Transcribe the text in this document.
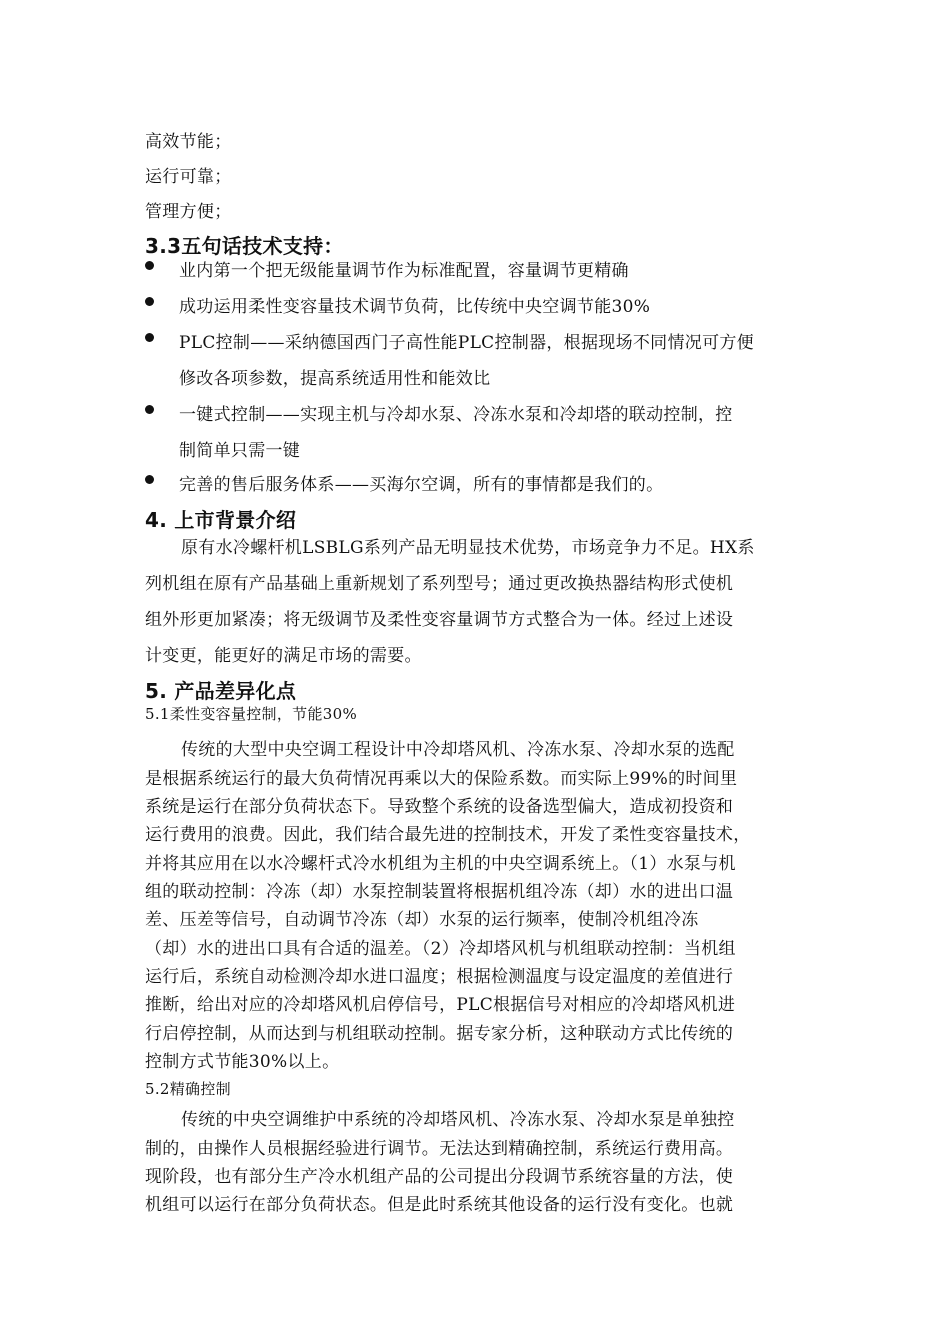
高效节能；
运行可靠；
管理方便；
3.3五句话技术支持：
业内第一个把无级能量调节作为标准配置，容量调节更精确
成功运用柔性变容量技术调节负荷，比传统中央空调节能30%
PLC控制——采纳德国西门子高性能PLC控制器，根据现场不同情况可方便
修改各项参数，提高系统适用性和能效比
一键式控制——实现主机与冷却水泵、冷冻水泵和冷却塔的联动控制，控
制简单只需一键
完善的售后服务体系——买海尔空调，所有的事情都是我们的。
4. 上市背景介绍
原有水冷螺杆机LSBLG系列产品无明显技术优势，市场竞争力不足。HX系
列机组在原有产品基础上重新规划了系列型号；通过更改换热器结构形式使机
组外形更加紧凑；将无级调节及柔性变容量调节方式整合为一体。经过上述设
计变更，能更好的满足市场的需要。
5. 产品差异化点
5.1柔性变容量控制，节能30%
传统的大型中央空调工程设计中冷却塔风机、冷冻水泵、冷却水泵的选配
是根据系统运行的最大负荷情况再乘以大的保险系数。而实际上99%的时间里
系统是运行在部分负荷状态下。导致整个系统的设备选型偏大，造成初投资和
运行费用的浪费。因此，我们结合最先进的控制技术，开发了柔性变容量技术，
并将其应用在以水冷螺杆式冷水机组为主机的中央空调系统上。（1）水泵与机
组的联动控制：冷冻（却）水泵控制装置将根据机组冷冻（却）水的进出口温
差、压差等信号，自动调节冷冻（却）水泵的运行频率，使制冷机组冷冻
（却）水的进出口具有合适的温差。（2）冷却塔风机与机组联动控制：当机组
运行后，系统自动检测冷却水进口温度；根据检测温度与设定温度的差值进行
推断，给出对应的冷却塔风机启停信号，PLC根据信号对相应的冷却塔风机进
行启停控制，从而达到与机组联动控制。据专家分析，这种联动方式比传统的
控制方式节能30%以上。
5.2精确控制
传统的中央空调维护中系统的冷却塔风机、冷冻水泵、冷却水泵是单独控
制的，由操作人员根据经验进行调节。无法达到精确控制，系统运行费用高。
现阶段，也有部分生产冷水机组产品的公司提出分段调节系统容量的方法，使
机组可以运行在部分负荷状态。但是此时系统其他设备的运行没有变化。也就
